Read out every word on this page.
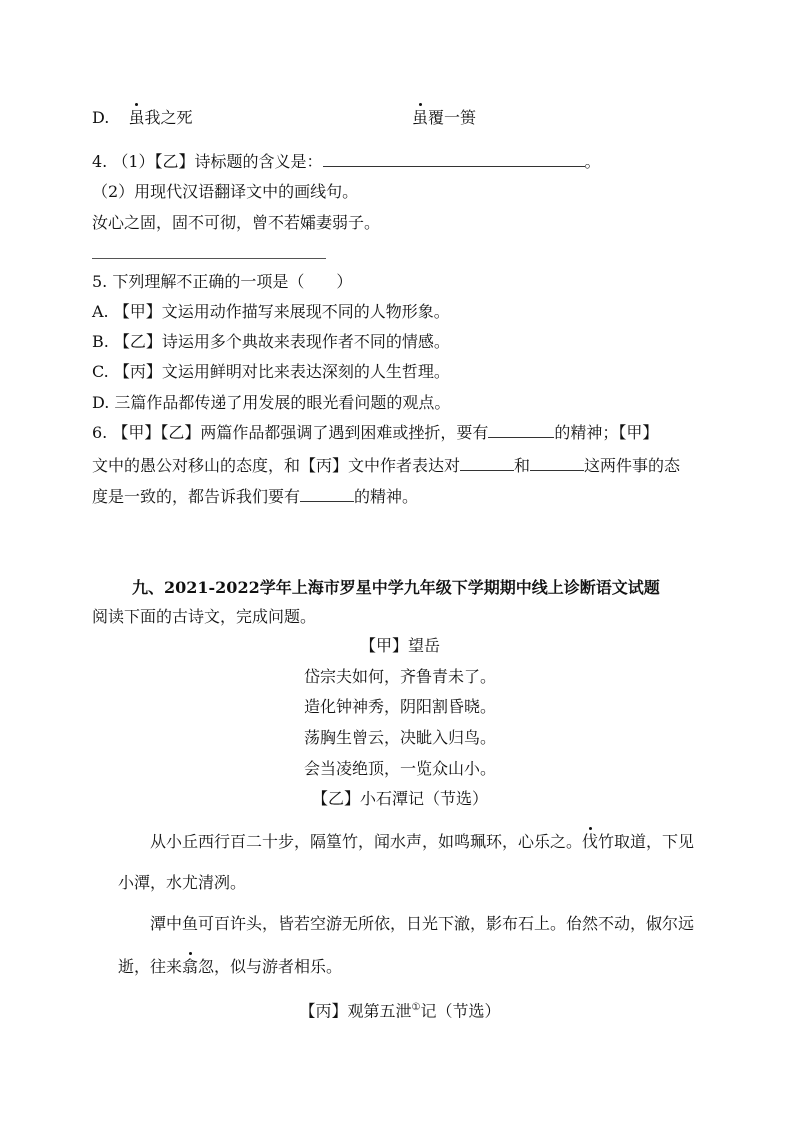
D. 虽我之死	虽覆一篑
4. （1）【乙】诗标题的含义是：	。
（2）用现代汉语翻译文中的画线句。
汝心之固，固不可彻，曾不若孀妻弱子。
5. 下列理解不正确的一项是（　　）
A. 【甲】文运用动作描写来展现不同的人物形象。
B. 【乙】诗运用多个典故来表现作者不同的情感。
C. 【丙】文运用鲜明对比来表达深刻的人生哲理。
D. 三篇作品都传递了用发展的眼光看问题的观点。
6. 【甲】【乙】两篇作品都强调了遇到困难或挫折，要有	的精神；【甲】
文中的愚公对移山的态度，和【丙】文中作者表达对	和	这两件事的态
度是一致的，都告诉我们要有	的精神。
九、2021-2022学年上海市罗星中学九年级下学期期中线上诊断语文试题
阅读下面的古诗文，完成问题。
【甲】望岳
岱宗夫如何，齐鲁青未了。
造化钟神秀，阴阳割昏晓。
荡胸生曾云，决眦入归鸟。
会当凌绝顶，一览众山小。
【乙】小石潭记（节选）
从小丘西行百二十步，隔篁竹，闻水声，如鸣珮环，心乐之。伐竹取道，下见
小潭，水尤清冽。
潭中鱼可百许头，皆若空游无所依，日光下澈，影布石上。佁然不动，俶尔远
逝，往来翕忽，似与游者相乐。
【丙】观第五泄①记（节选）
